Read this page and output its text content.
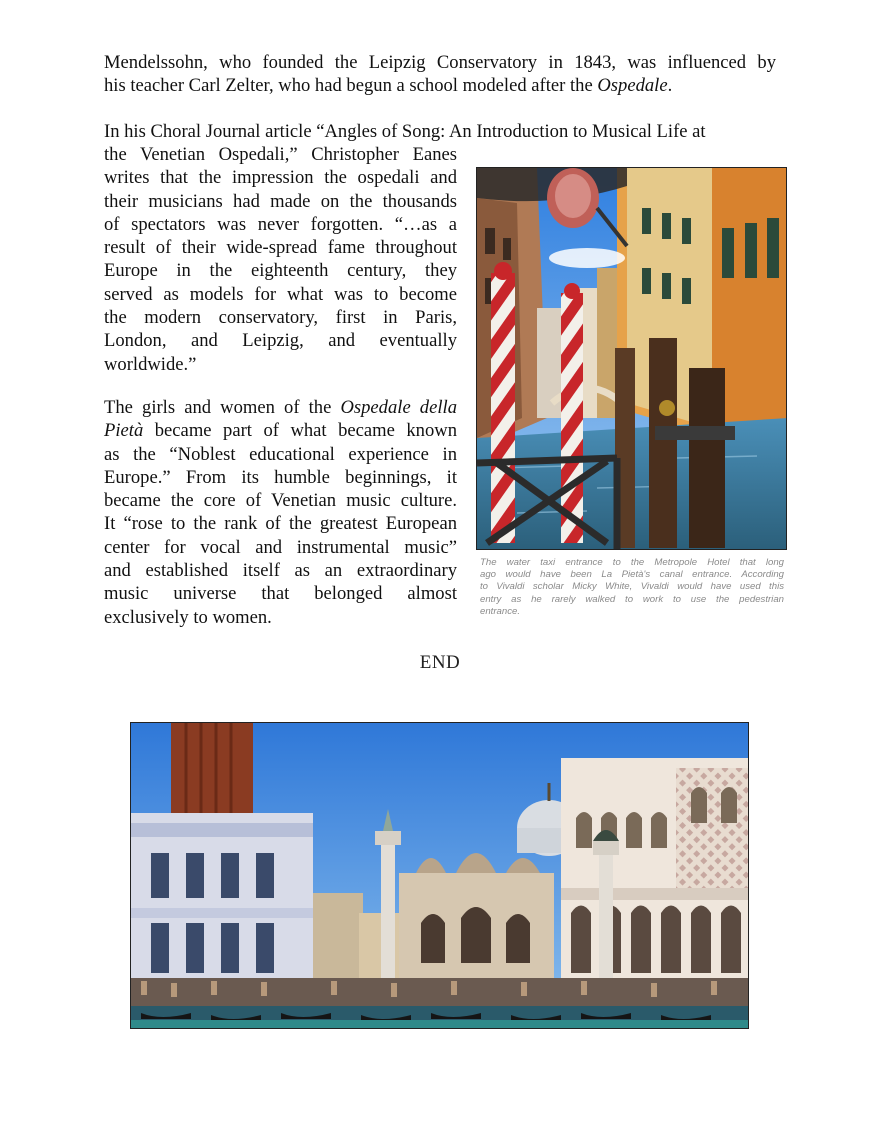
Mendelssohn, who founded the Leipzig Conservatory in 1843, was influenced by
his teacher Carl Zelter, who had begun a school modeled after the Ospedale.

In his Choral Journal article “Angles of Song: An Introduction to Musical Life at

the Venetian Ospedali,” Christopher Eanes
writes that the impression the ospedali and
their musicians had made on the thousands
of spectators was never forgotten. “…as a
result of their wide-spread fame throughout
Europe in the eighteenth century, they
served as models for what was to become
the modern conservatory, first in Paris,
London, and Leipzig, and eventually
worldwide.”

The girls and women of the Ospedale della
Pietà became part of what became known
as the “Noblest educational experience in
Europe.” From its humble beginnings, it
became the core of Venetian music culture.
It “rose to the rank of the greatest European
center for vocal and instrumental music”
and established itself as an extraordinary
music universe that belonged almost
exclusively to women.

The water taxi entrance to the Metropole Hotel that long
ago would have been La Pietà's canal entrance. According
to Vivaldi scholar Micky White, Vivaldi would have used this
entry as he rarely walked to work to use the pedestrian
entrance.
END
